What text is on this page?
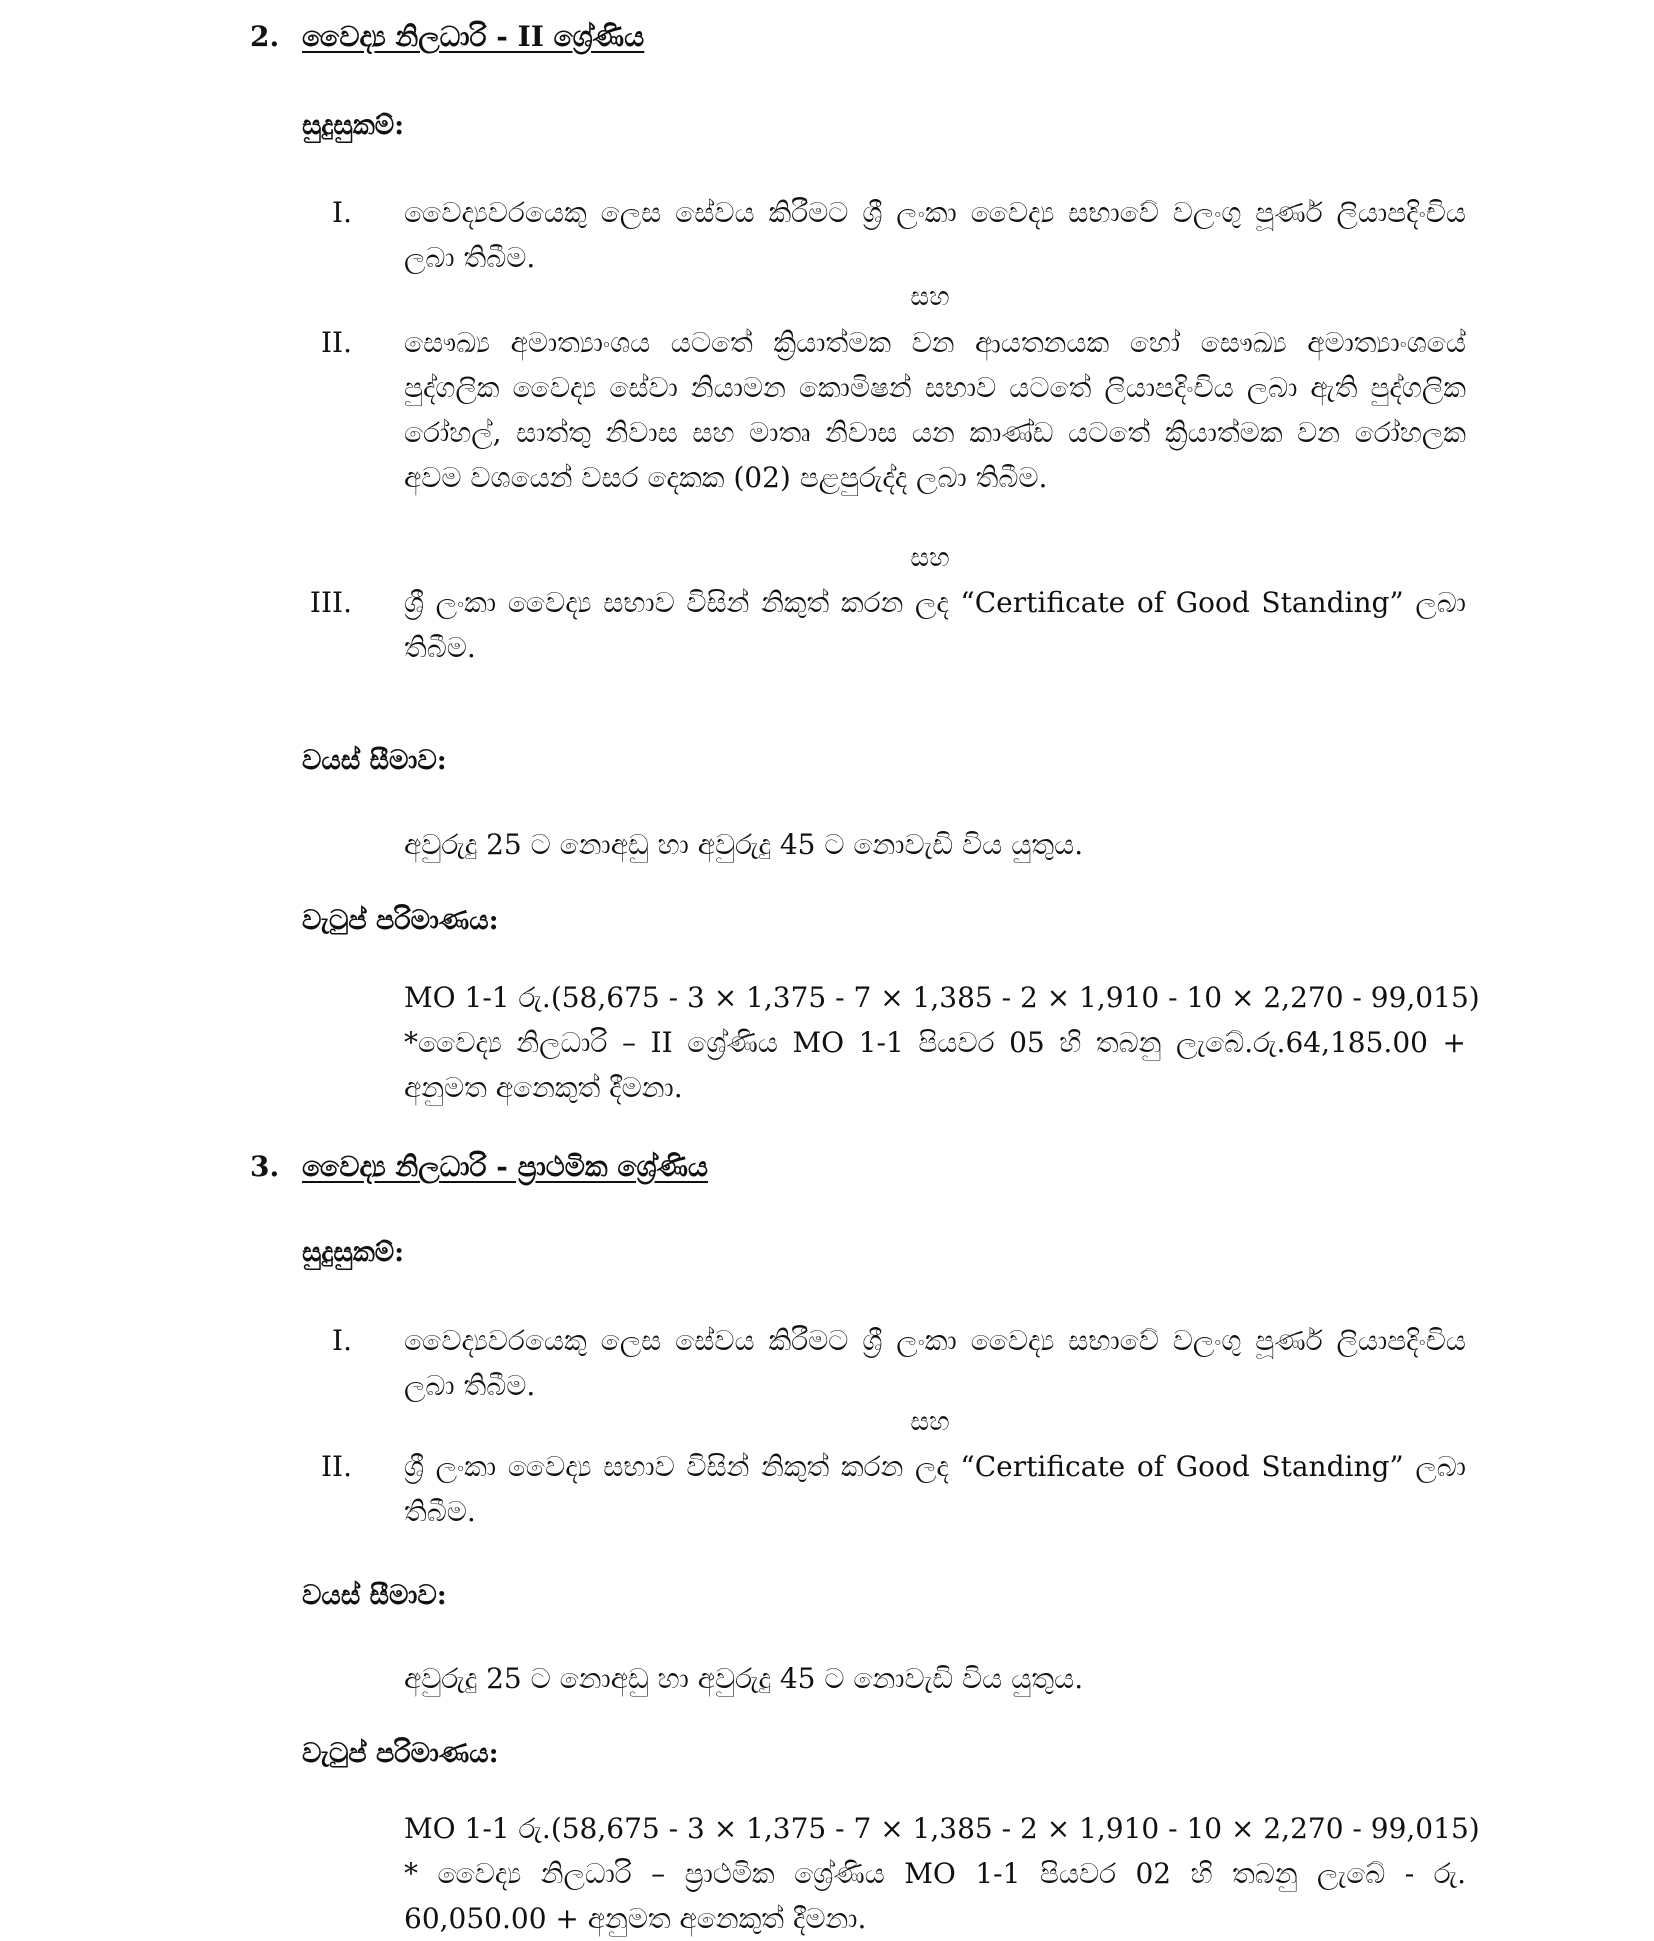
2. වෛද්‍ය නිලධාරි - II ශ්‍රේණිය
සුදුසුකම්:
I. වෛද්‍යවරයෙකු ලෙස සේවය කිරීමට ශ්‍රී ලංකා වෛද්‍ය සභාවේ වලංගු පූර්ණ ලියාපදිංචිය ලබා තිබීම.
සහ
II. සෞඛ්‍ය අමාත්‍යාංශය යටතේ ක්‍රියාත්මක වන ආයතනයක හෝ සෞඛ්‍ය අමාත්‍යාංශයේ පුද්ගලික වෛද්‍ය සේවා නියාමන කොමිෂන් සභාව යටතේ ලියාපදිංචිය ලබා ඇති පුද්ගලික රෝහල්, සාත්තු නිවාස සහ මාතෘ නිවාස යන කාණ්ඩ යටතේ ක්‍රියාත්මක වන රෝහලක අවම වශයෙන් වසර දෙකක (02) පළපුරුද්ද ලබා තිබීම.
සහ
III. ශ්‍රී ලංකා වෛද්‍ය සභාව විසින් නිකුත් කරන ලද “Certificate of Good Standing” ලබා තිබීම.
වයස් සීමාව:
අවුරුදු 25 ට නොඅඩු හා අවුරුදු 45 ට නොවැඩි විය යුතුය.
වැටුප් පරිමාණය:
MO 1-1 රු.(58,675 - 3 × 1,375 - 7 × 1,385 - 2 × 1,910 - 10 × 2,270 - 99,015)
*වෛද්‍ය නිලධාරි – II ශ්‍රේණිය MO 1-1 පියවර 05 හි තබනු ලැබේ.රු.64,185.00 + අනුමත අනෙකුත් දීමනා.
3. වෛද්‍ය නිලධාරි - ප්‍රාථමික ශ්‍රේණිය
සුදුසුකම්:
I. වෛද්‍යවරයෙකු ලෙස සේවය කිරීමට ශ්‍රී ලංකා වෛද්‍ය සභාවේ වලංගු පූර්ණ ලියාපදිංචිය ලබා තිබීම.
සහ
II. ශ්‍රී ලංකා වෛද්‍ය සභාව විසින් නිකුත් කරන ලද “Certificate of Good Standing” ලබා තිබීම.
වයස් සීමාව:
අවුරුදු 25 ට නොඅඩු හා අවුරුදු 45 ට නොවැඩි විය යුතුය.
වැටුප් පරිමාණය:
MO 1-1 රු.(58,675 - 3 × 1,375 - 7 × 1,385 - 2 × 1,910 - 10 × 2,270 - 99,015)
* වෛද්‍ය නිලධාරි – ප්‍රාථමික ශ්‍රේණිය MO 1-1 පියවර 02 හි තබනු ලැබේ - රු. 60,050.00 + අනුමත අනෙකුත් දීමනා.
